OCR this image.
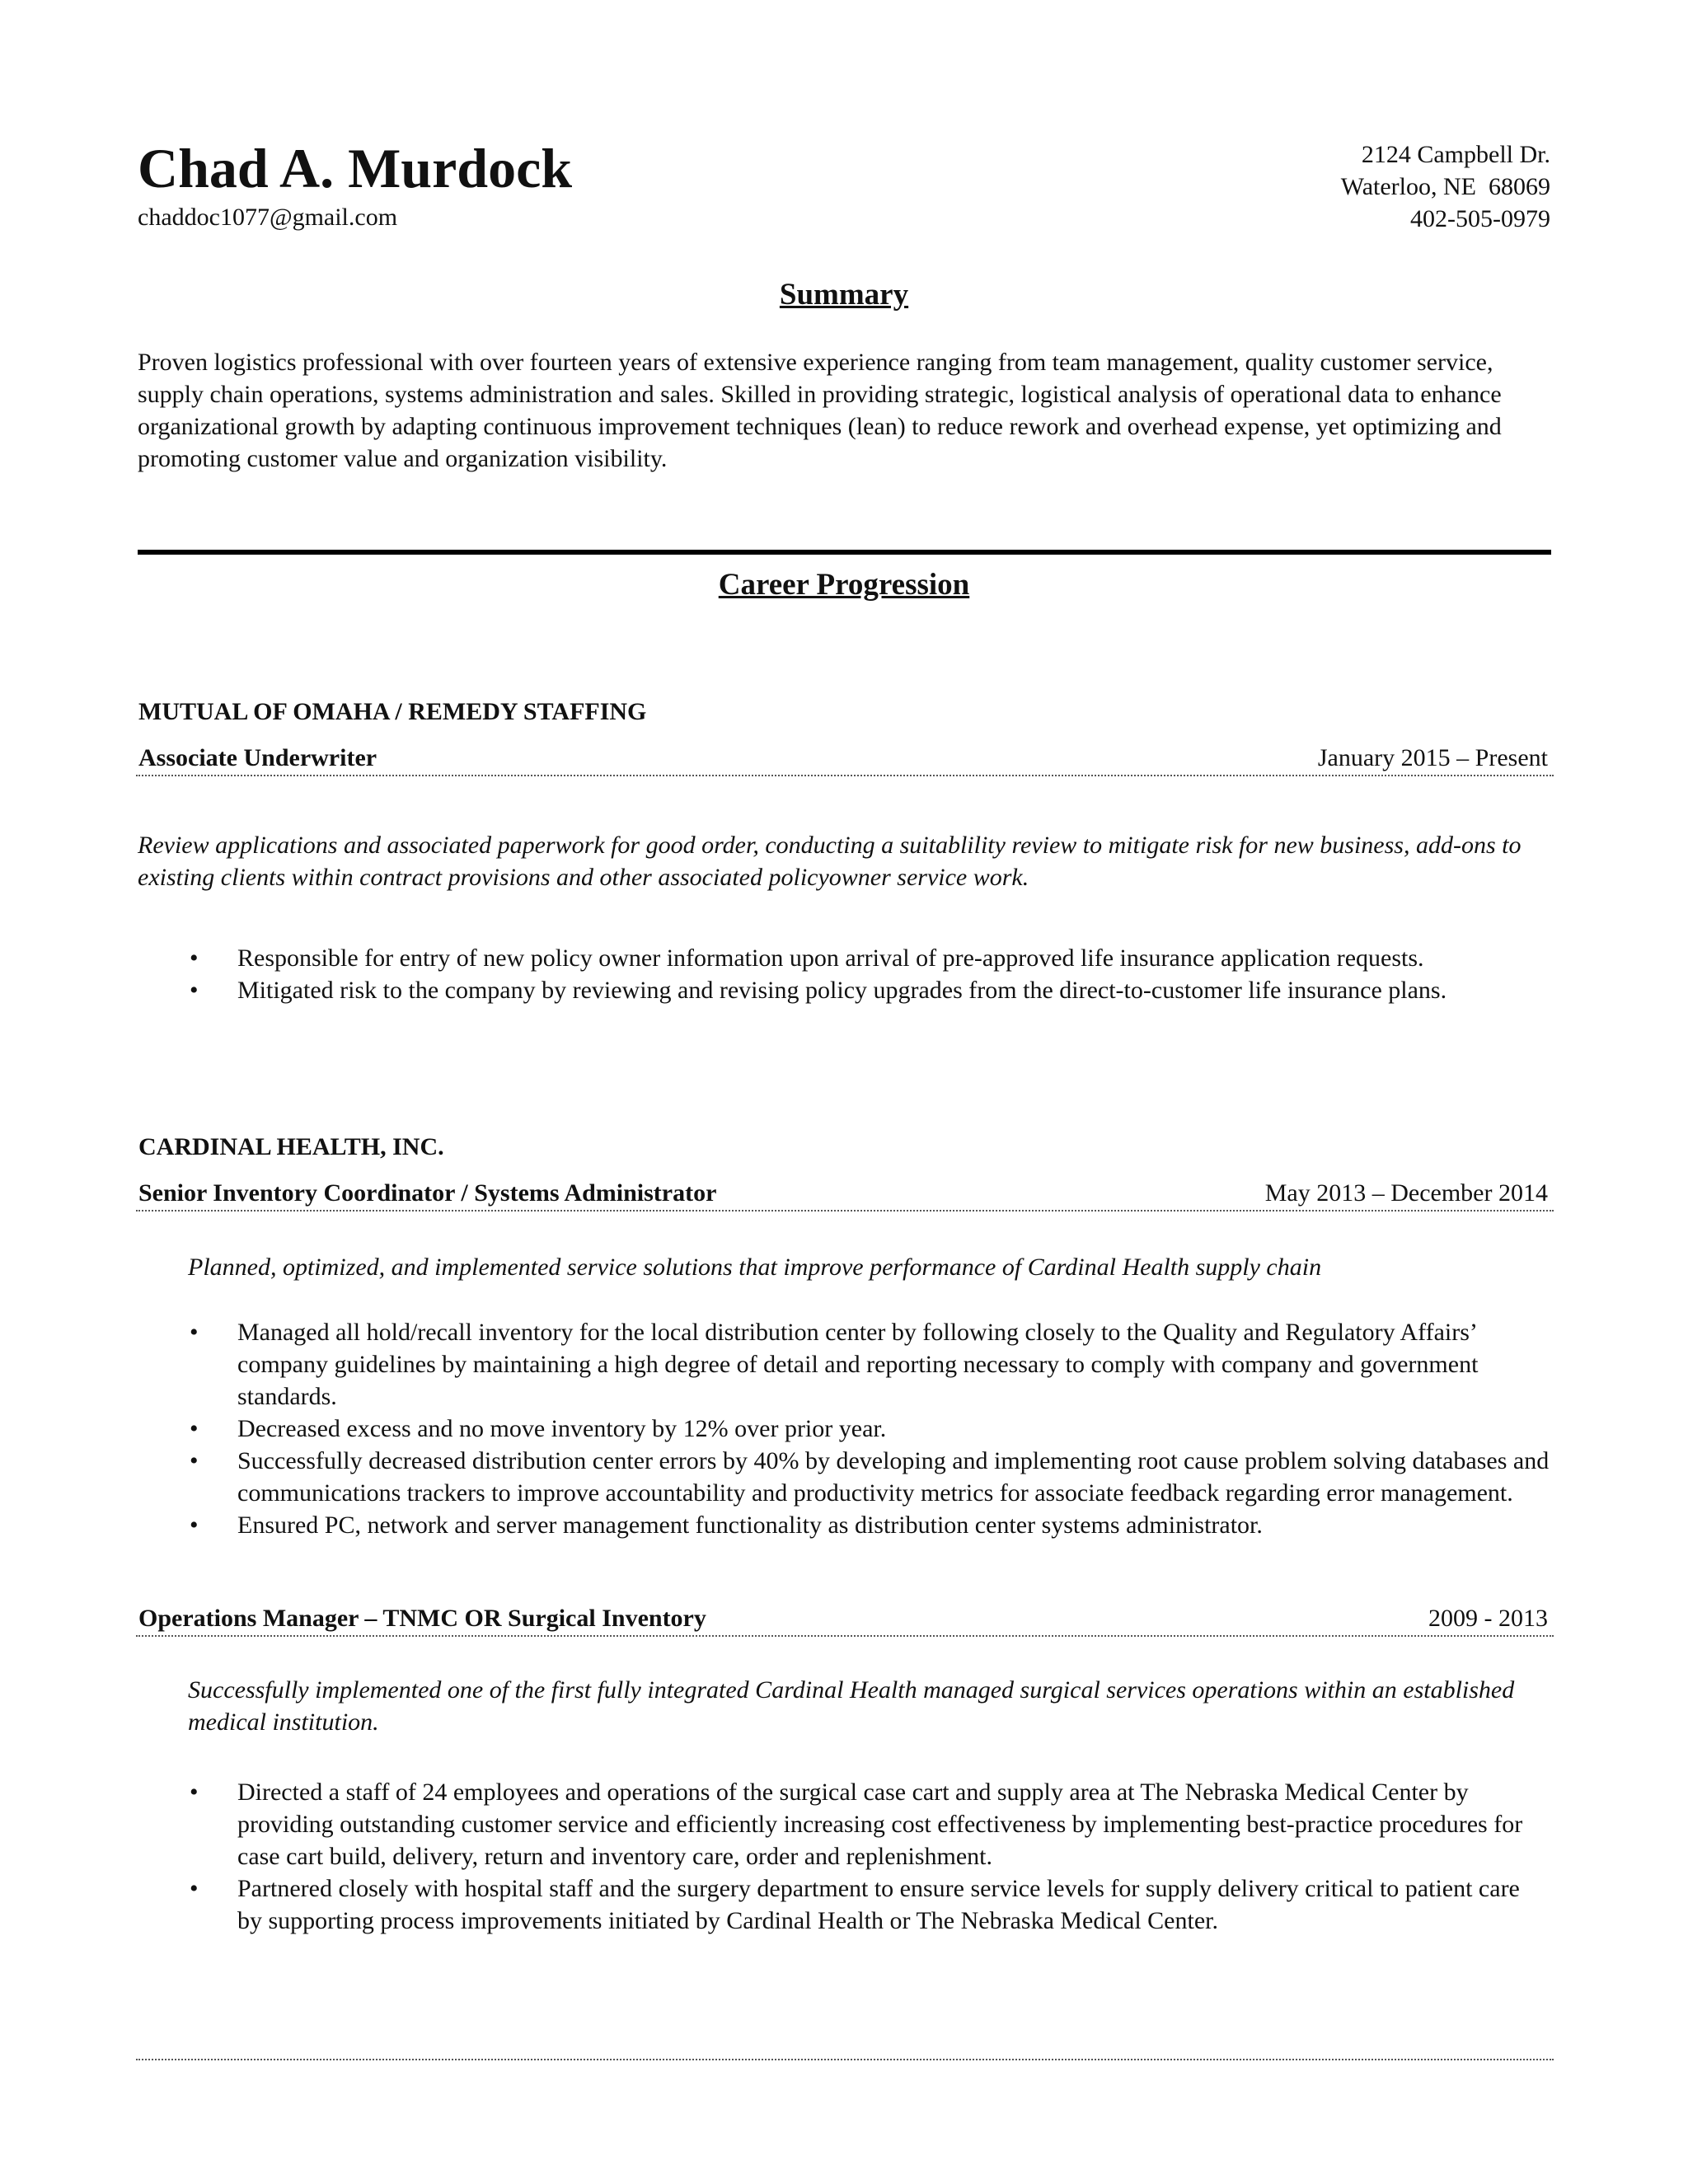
Chad A. Murdock
chaddoc1077@gmail.com
2124 Campbell Dr.
Waterloo, NE  68069
402-505-0979
Summary
Proven logistics professional with over fourteen years of extensive experience ranging from team management, quality customer service, supply chain operations, systems administration and sales. Skilled in providing strategic, logistical analysis of operational data to enhance organizational growth by adapting continuous improvement techniques (lean) to reduce rework and overhead expense, yet optimizing and promoting customer value and organization visibility.
Career Progression
MUTUAL OF OMAHA / REMEDY STAFFING
Associate Underwriter	January 2015 – Present
Review applications and associated paperwork for good order, conducting a suitablility review to mitigate risk for new business, add-ons to existing clients within contract provisions and other associated policyowner service work.
• Responsible for entry of new policy owner information upon arrival of pre-approved life insurance application requests.
• Mitigated risk to the company by reviewing and revising policy upgrades from the direct-to-customer life insurance plans.
CARDINAL HEALTH, INC.
Senior Inventory Coordinator / Systems Administrator	May 2013 – December 2014
Planned, optimized, and implemented service solutions that improve performance of Cardinal Health supply chain
• Managed all hold/recall inventory for the local distribution center by following closely to the Quality and Regulatory Affairs’ company guidelines by maintaining a high degree of detail and reporting necessary to comply with company and government standards.
• Decreased excess and no move inventory by 12% over prior year.
• Successfully decreased distribution center errors by 40% by developing and implementing root cause problem solving databases and communications trackers to improve accountability and productivity metrics for associate feedback regarding error management.
• Ensured PC, network and server management functionality as distribution center systems administrator.
Operations Manager – TNMC OR Surgical Inventory	2009 - 2013
Successfully implemented one of the first fully integrated Cardinal Health managed surgical services operations within an established medical institution.
• Directed a staff of 24 employees and operations of the surgical case cart and supply area at The Nebraska Medical Center by providing outstanding customer service and efficiently increasing cost effectiveness by implementing best-practice procedures for case cart build, delivery, return and inventory care, order and replenishment.
• Partnered closely with hospital staff and the surgery department to ensure service levels for supply delivery critical to patient care by supporting process improvements initiated by Cardinal Health or The Nebraska Medical Center.
